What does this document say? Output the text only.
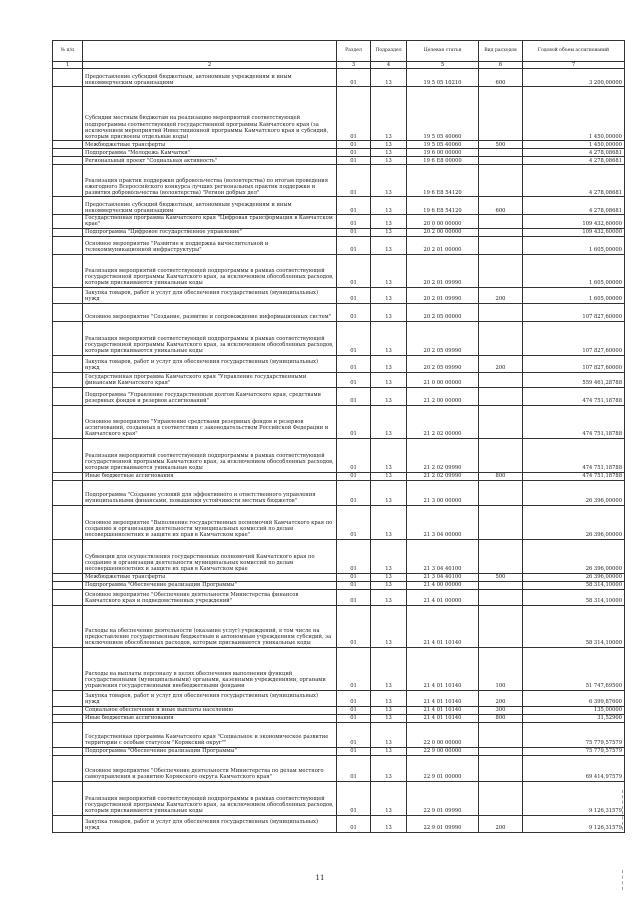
№ п/п		Раздел	Подраздел	Целевая статья	Вид расходов	Годовой объем ассигнований
1	2	3	4	5	6	7
	Предоставление субсидий бюджетным, автономным учреждениям и иным некоммерческим организациям	01	13	19 5 05 10210	600	3 200,00000
	Субсидии местным бюджетам на реализацию мероприятий соответствующей подпрограммы соответствующей государственной программы Камчатского края (за исключением мероприятий Инвестиционной программы Камчатского края и субсидий, которым присвоены отдельные коды)	01	13	19 5 05 40060		1 450,00000
	Межбюджетные трансферты	01	13	19 5 05 40060	500	1 450,00000
	Подпрограмма "Молодежь Камчатки"	01	13	19 6 00 00000		4 278,08681
	Региональный проект "Социальная активность"	01	13	19 6 E8 00000		4 278,08681
	Реализация практик поддержки добровольчества (волонтерства) по итогам проведения ежегодного Всероссийского конкурса лучших региональных практик поддержки и развития добровольчества (волонтерства) "Регион добрых дел"	01	13	19 6 E8 54120		4 278,08681
	Предоставление субсидий бюджетным, автономным учреждениям и иным некоммерческим организациям	01	13	19 6 E8 54120	600	4 278,08681
	Государственная программа Камчатского края "Цифровая трансформация в Камчатском крае"	01	13	20 0 00 00000		109 432,60000
	Подпрограмма "Цифровое государственное управление"	01	13	20 2 00 00000		109 432,60000
	Основное мероприятие "Развитие и поддержка вычислительной и телекоммуникационной инфраструктуры"	01	13	20 2 01 00000		1 605,00000
	Реализация мероприятий соответствующей подпрограммы в рамках соответствующей государственной программы Камчатского края, за исключением обособленных расходов, которым присваиваются уникальные коды	01	13	20 2 01 09990		1 605,00000
	Закупка товаров, работ и услуг для обеспечения государственных (муниципальных) нужд	01	13	20 2 01 09990	200	1 605,00000
	Основное мероприятие "Создание, развитие и сопровождение информационных систем"	01	13	20 2 05 00000		107 827,60000
	Реализация мероприятий соответствующей подпрограммы в рамках соответствующей государственной программы Камчатского края, за исключением обособленных расходов, которым присваиваются уникальные коды	01	13	20 2 05 09990		107 827,60000
	Закупка товаров, работ и услуг для обеспечения государственных (муниципальных) нужд	01	13	20 2 05 09990	200	107 827,60000
	Государственная программа Камчатского края "Управление государственными финансами Камчатского края"	01	13	21 0 00 00000		559 461,28788
	Подпрограмма "Управление государственным долгом Камчатского края, средствами резервных фондов и резервов ассигнований"	01	13	21 2 00 00000		474 751,18788
	Основное мероприятие "Управление средствами резервных фондов и резервов ассигнований, созданных в соответствии с законодательством Российской Федерации и Камчатского края"	01	13	21 2 02 00000		474 751,18788
	Реализация мероприятий соответствующей подпрограммы в рамках соответствующей государственной программы Камчатского края, за исключением обособленных расходов, которым присваиваются уникальные коды	01	13	21 2 02 09990		474 751,18788
	Иные бюджетные ассигнования	01	13	21 2 02 09990	800	474 751,18788
	Подпрограмма "Создание условий для эффективного и ответственного управления муниципальными финансами, повышения устойчивости местных бюджетов"	01	13	21 3 00 00000		26 396,00000
	Основное мероприятие "Выполнение государственных полномочий Камчатского края по созданию и организации деятельности муниципальных комиссий по делам несовершеннолетних и защите их прав в Камчатском крае"	01	13	21 3 04 00000		26 396,00000
	Субвенции для осуществления государственных полномочий Камчатского края по созданию и организации деятельности муниципальных комиссий по делам несовершеннолетних и защите их прав в Камчатском крае	01	13	21 3 04 40100		26 396,00000
	Межбюджетные трансферты	01	13	21 3 04 40100	500	26 396,00000
	Подпрограмма "Обеспечение реализации Программы"	01	13	21 4 00 00000		58 314,10000
	Основное мероприятие "Обеспечение деятельности Министерства финансов Камчатского края и подведомственных учреждений"	01	13	21 4 01 00000		58 314,10000
	Расходы на обеспечение деятельности (оказание услуг) учреждений, в том числе на предоставление государственным бюджетным и автономным учреждениям субсидий, за исключением обособленных расходов, которым присваиваются уникальные коды	01	13	21 4 01 10140		58 314,10000
	Расходы на выплаты персоналу в целях обеспечения выполнения функций государственными (муниципальными) органами, казенными учреждениями, органами управления государственными внебюджетными фондами	01	13	21 4 01 10140	100	51 747,69500
	Закупка товаров, работ и услуг для обеспечения государственных (муниципальных) нужд	01	13	21 4 01 10140	200	6 399,87600
	Социальное обеспечение и иные выплаты населению	01	13	21 4 01 10140	300	135,00000
	Иные бюджетные ассигнования	01	13	21 4 01 10140	800	31,52900
	Государственная программа Камчатского края "Социальное и экономическое развитие территории с особым статусом "Корякский округ""	01	13	22 0 00 00000		75 779,57579
	Подпрограмма "Обеспечение реализации Программы"	01	13	22 9 00 00000		75 779,57579
	Основное мероприятие "Обеспечение деятельности Министерства по делам местного самоуправления и развитию Корякского округа Камчатского края"	01	13	22 9 01 00000		69 414,97579
	Реализация мероприятий соответствующей подпрограммы в рамках соответствующей государственной программы Камчатского края, за исключением обособленных расходов, которым присваиваются уникальные коды	01	13	22 9 01 09990		9 126,31579
	Закупка товаров, работ и услуг для обеспечения государственных (муниципальных) нужд	01	13	22 9 01 09990	200	9 126,31579
11
